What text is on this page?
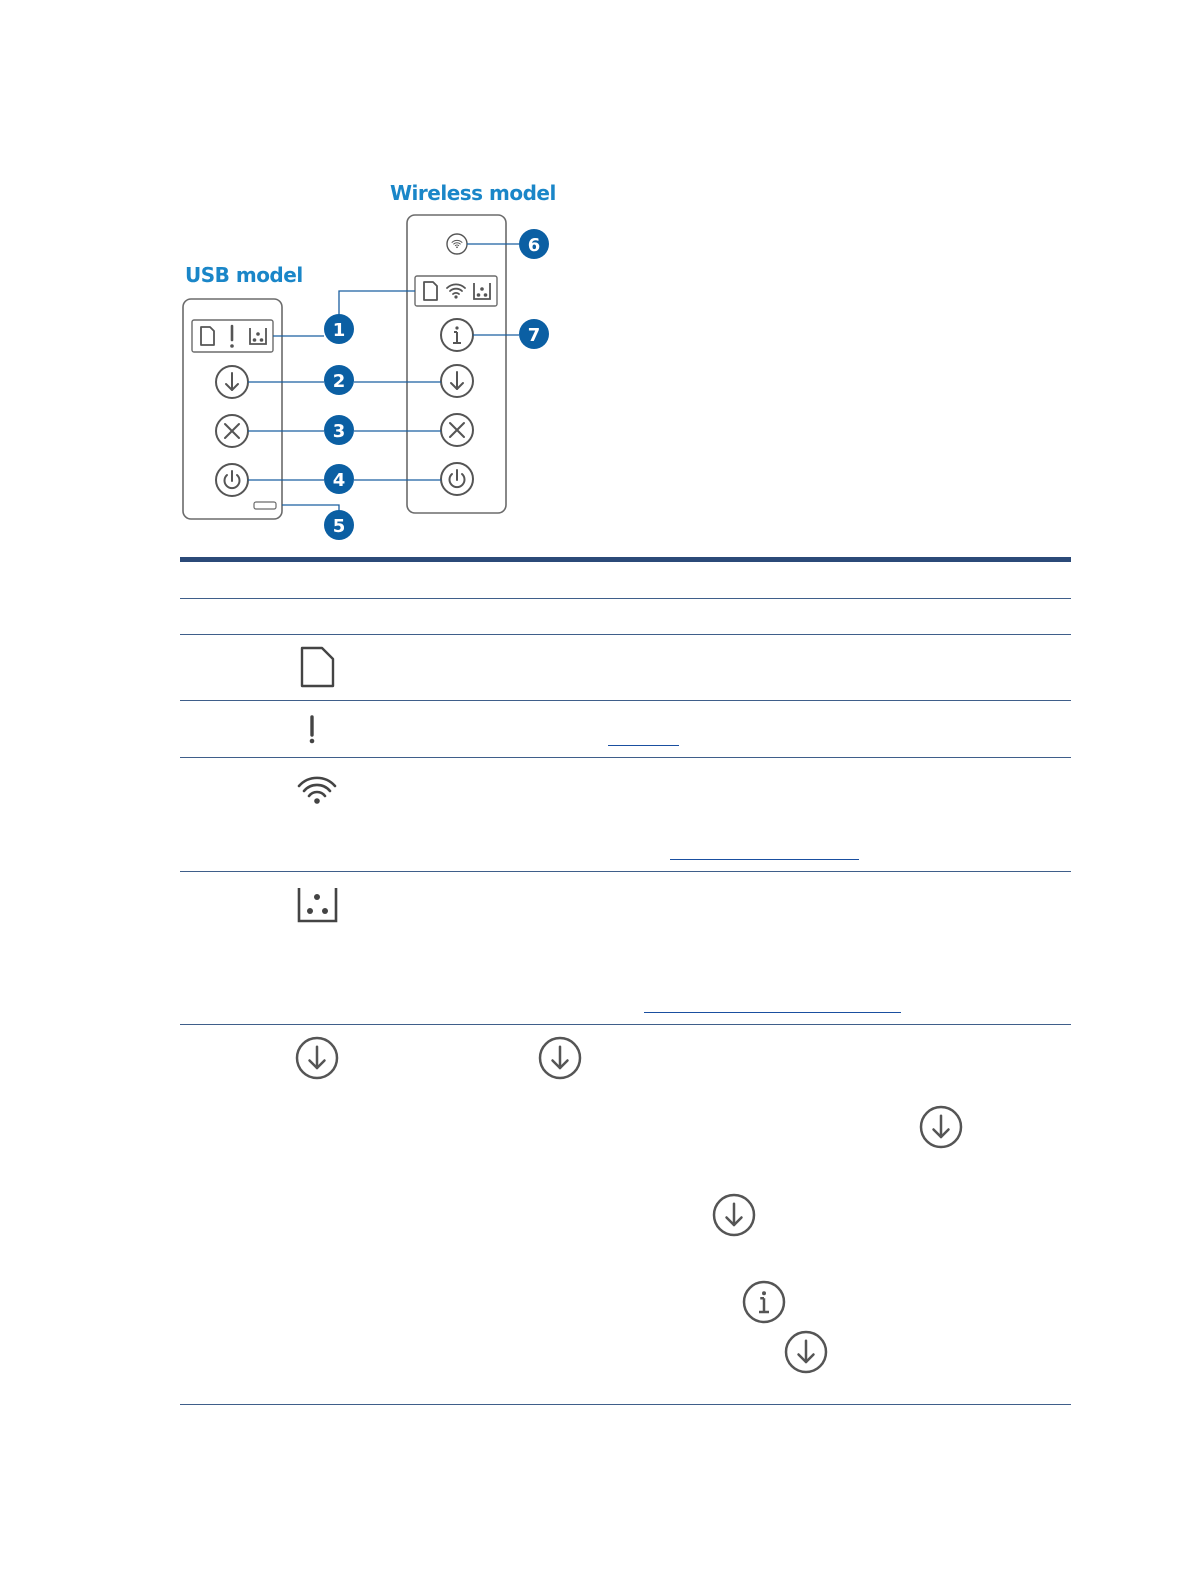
Wireless model
USB model
1
2
3
4
5
6
7
